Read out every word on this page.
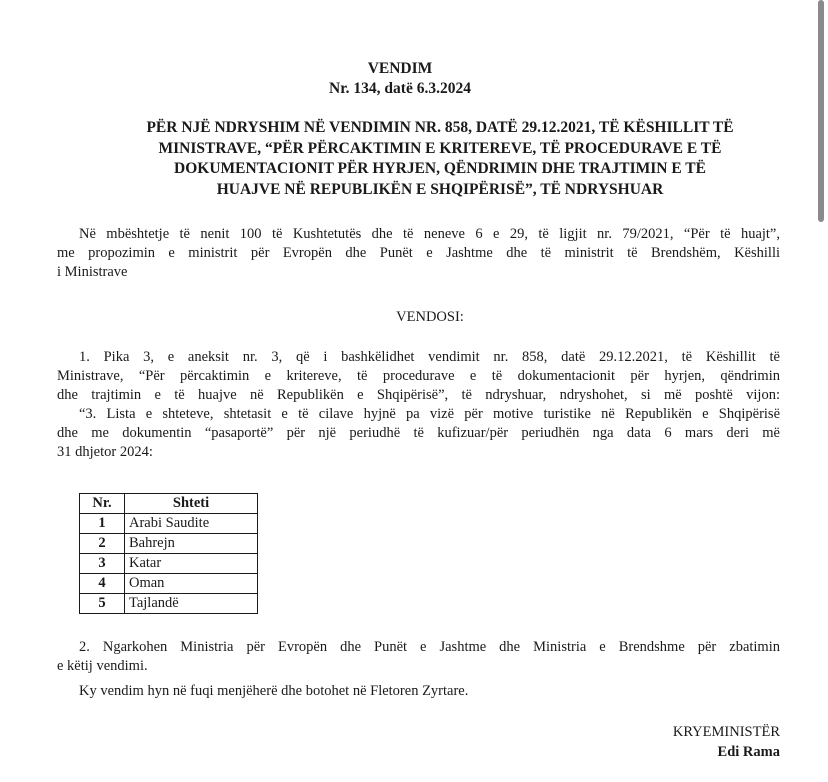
VENDIM
Nr. 134, datë 6.3.2024
PËR NJË NDRYSHIM NË VENDIMIN NR. 858, DATË 29.12.2021, TË KËSHILLIT TË
MINISTRAVE, “PËR PËRCAKTIMIN E KRITEREVE, TË PROCEDURAVE E TË
DOKUMENTACIONIT PËR HYRJEN, QËNDRIMIN DHE TRAJTIMIN E TË
HUAJVE NË REPUBLIKËN E SHQIPËRISË”, TË NDRYSHUAR
Në mbështetje të nenit 100 të Kushtetutës dhe të neneve 6 e 29, të ligjit nr. 79/2021, “Për të huajt”,
me propozimin e ministrit për Evropën dhe Punët e Jashtme dhe të ministrit të Brendshëm, Këshilli
i Ministrave
VENDOSI:
1. Pika 3, e aneksit nr. 3, që i bashkëlidhet vendimit nr. 858, datë 29.12.2021, të Këshillit të
Ministrave, “Për përcaktimin e kritereve, të procedurave e të dokumentacionit për hyrjen, qëndrimin
dhe trajtimin e të huajve në Republikën e Shqipërisë”, të ndryshuar, ndryshohet, si më poshtë vijon:
“3. Lista e shteteve, shtetasit e të cilave hyjnë pa vizë për motive turistike në Republikën e Shqipërisë
dhe me dokumentin “pasaportë” për një periudhë të kufizuar/për periudhën nga data 6 mars deri më
31 dhjetor 2024:
Nr.	Shteti
1	Arabi Saudite
2	Bahrejn
3	Katar
4	Oman
5	Tajlandë
2. Ngarkohen Ministria për Evropën dhe Punët e Jashtme dhe Ministria e Brendshme për zbatimin
e këtij vendimi.
Ky vendim hyn në fuqi menjëherë dhe botohet në Fletoren Zyrtare.
KRYEMINISTËR
Edi Rama
